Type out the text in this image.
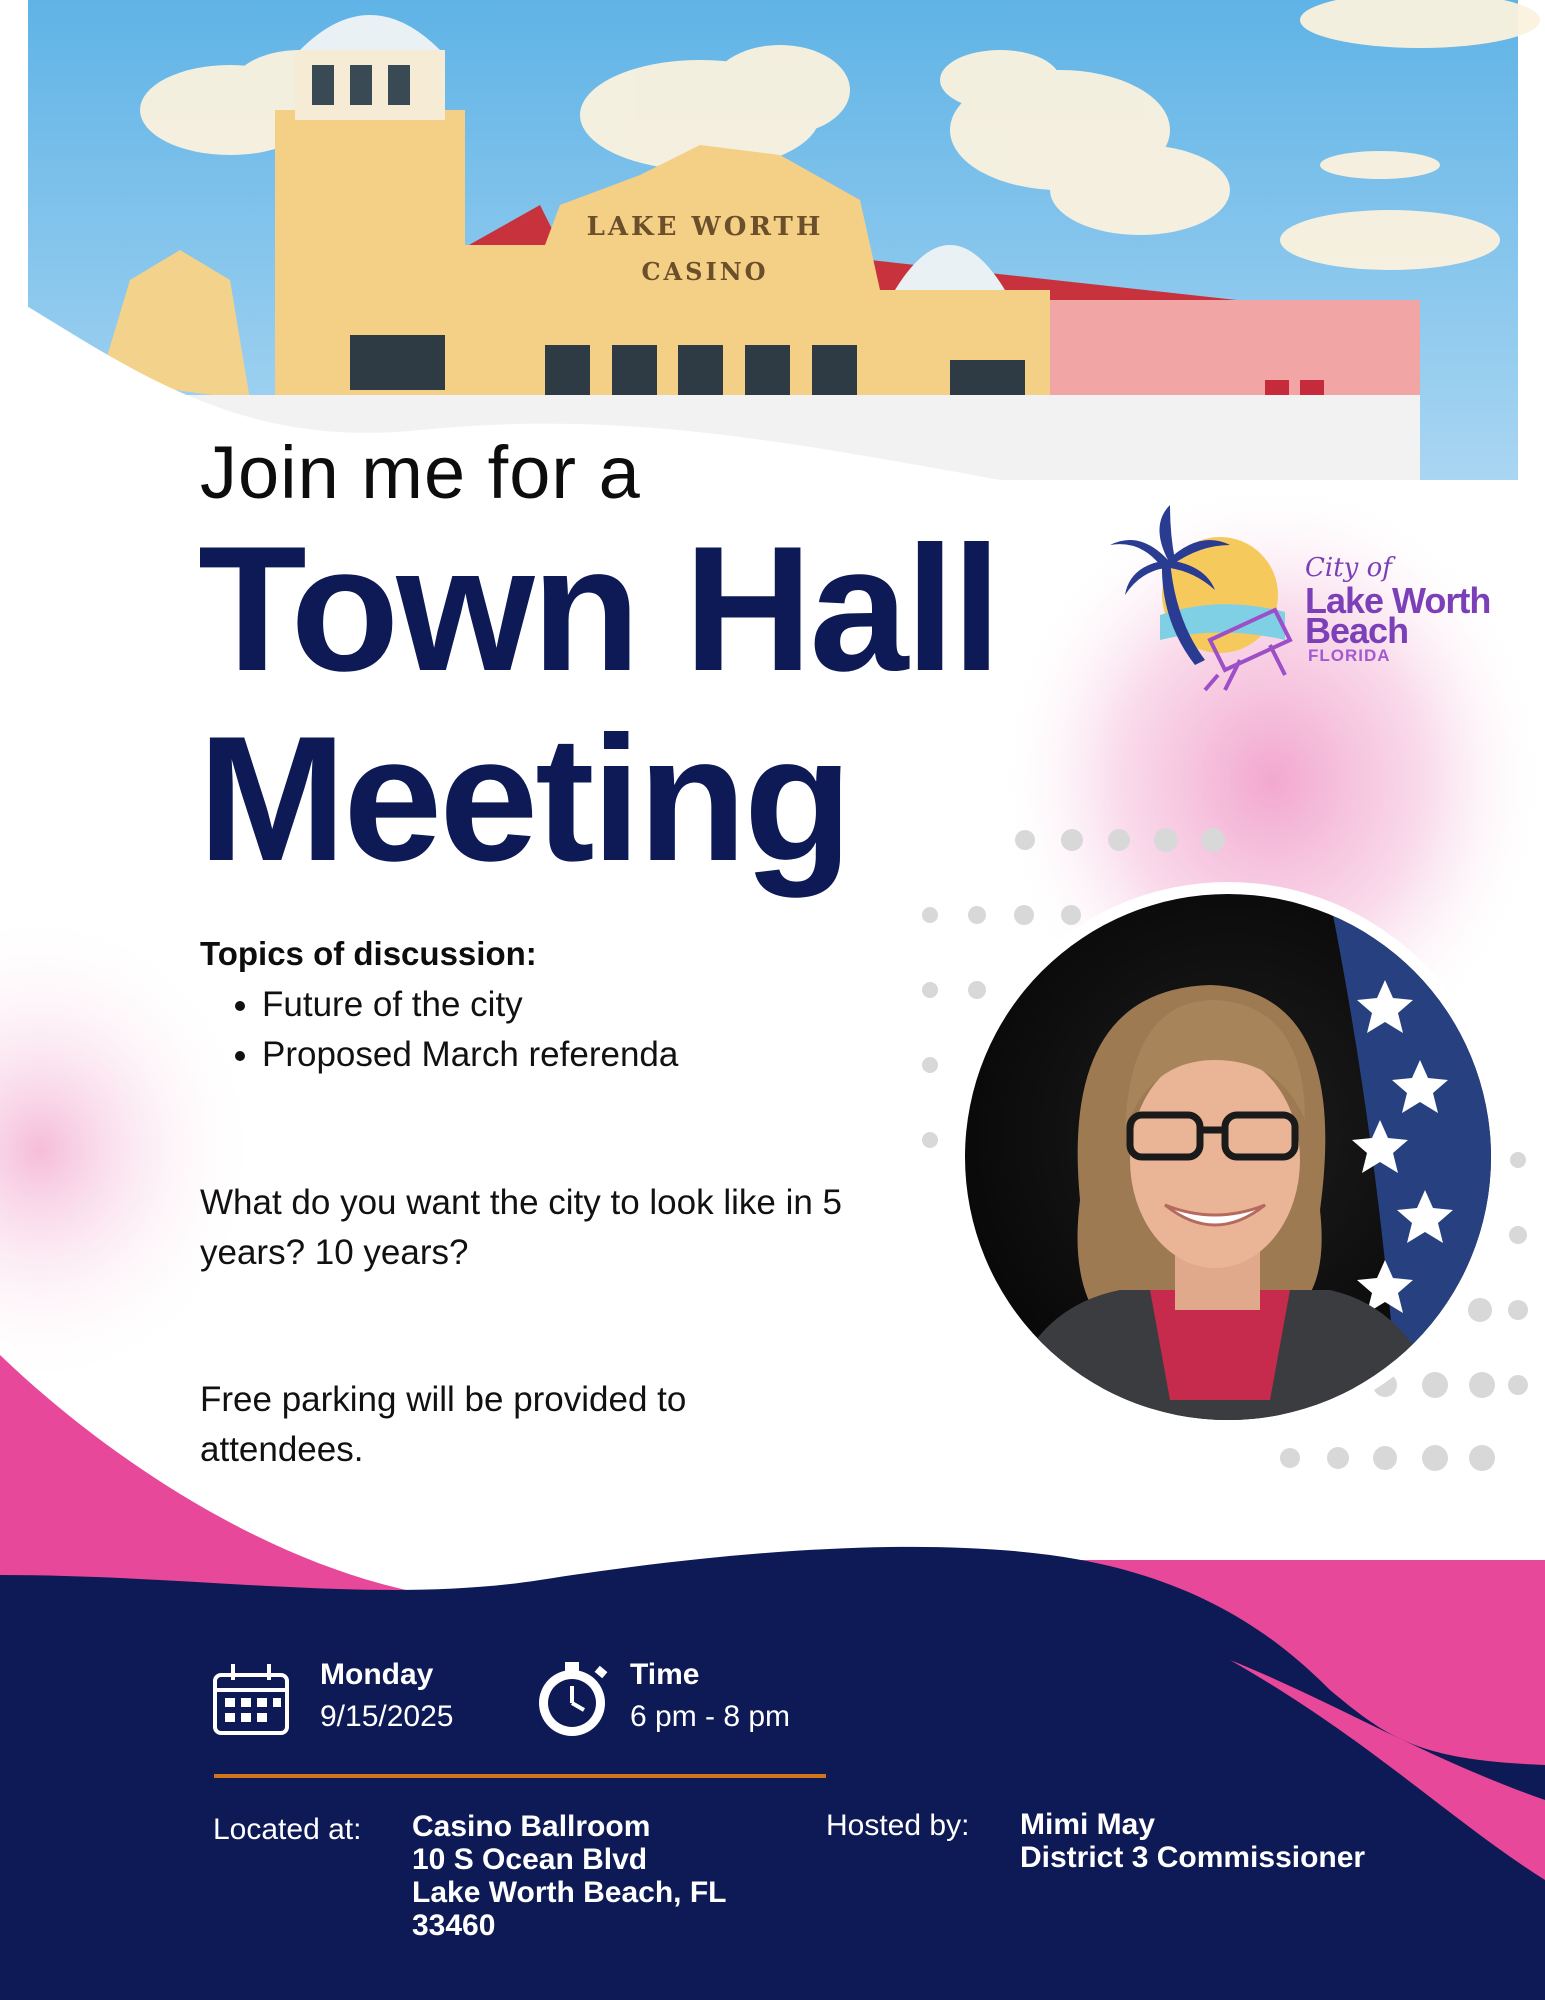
LAKE WORTH
CASINO
Join me for a
Town Hall
Meeting
City of
Lake Worth
Beach
FLORIDA
Topics of discussion:
• Future of the city
• Proposed March referenda
What do you want the city to look like in 5 years? 10 years?
Free parking will be provided to attendees.
Monday
9/15/2025
Time
6 pm - 8 pm
Located at: Casino Ballroom
10 S Ocean Blvd
Lake Worth Beach, FL
33460
Hosted by: Mimi May
District 3 Commissioner
